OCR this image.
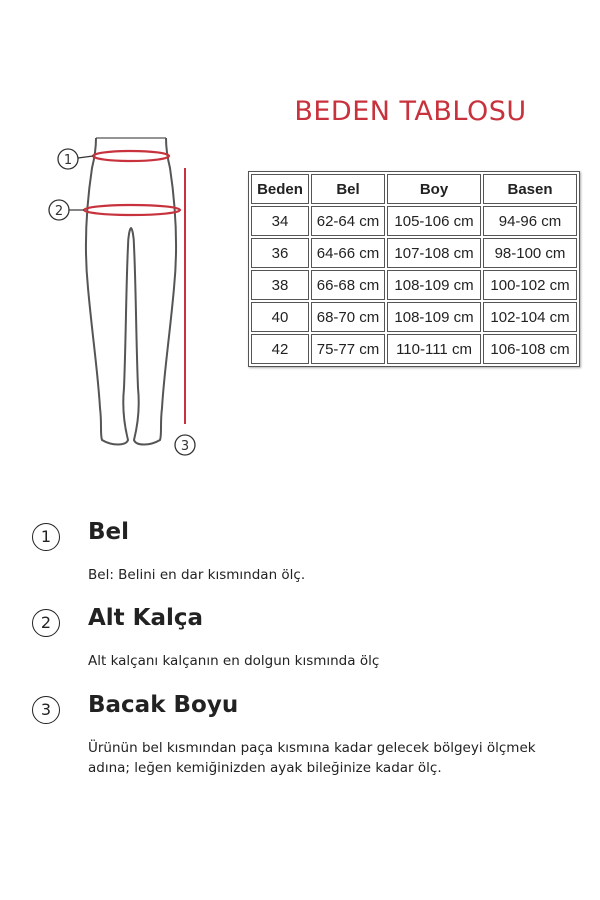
BEDEN TABLOSU
1
2
3
Beden	Bel	Boy	Basen
34	62-64 cm	105-106 cm	94-96 cm
36	64-66 cm	107-108 cm	98-100 cm
38	66-68 cm	108-109 cm	100-102 cm
40	68-70 cm	108-109 cm	102-104 cm
42	75-77 cm	110-111 cm	106-108 cm
1	Bel
Bel: Belini en dar kısmından ölç.
2	Alt Kalça
Alt kalçanı kalçanın en dolgun kısmında ölç
3	Bacak Boyu
Ürünün bel kısmından paça kısmına kadar gelecek bölgeyi ölçmek adına; leğen kemiğinizden ayak bileğinize kadar ölç.
